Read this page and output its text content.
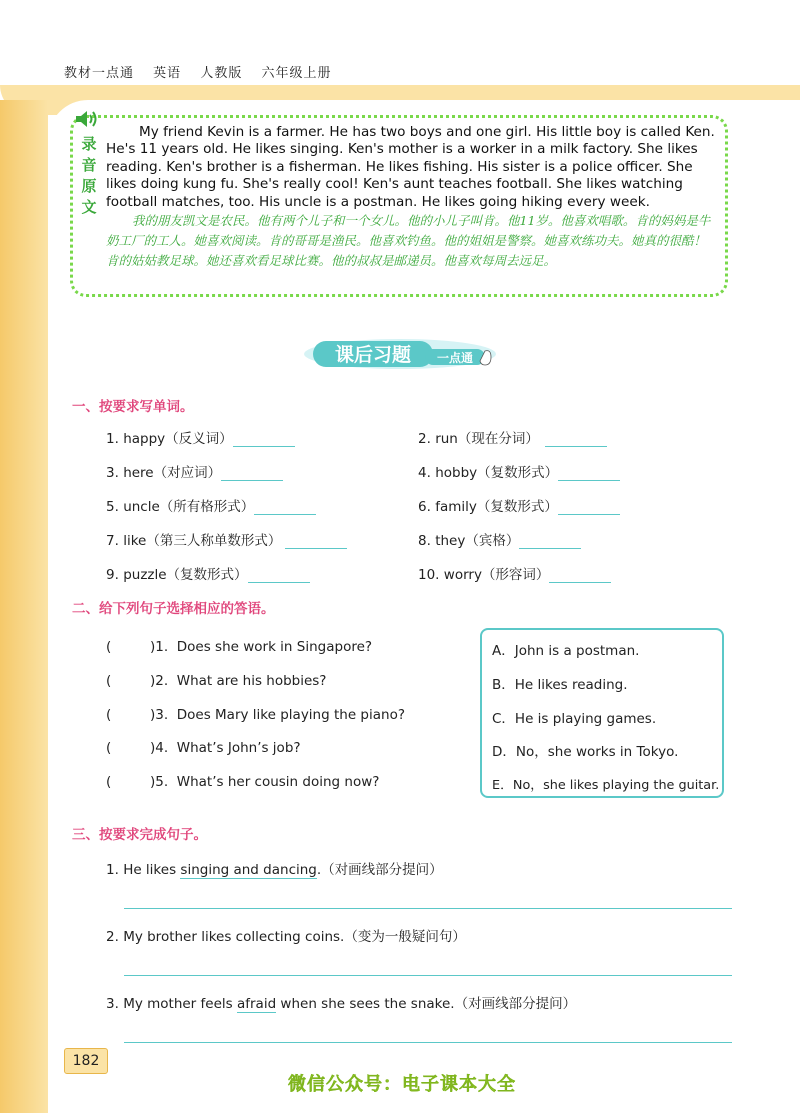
教材一点通 英语 人教版 六年级上册
录
音
原
文

My friend Kevin is a farmer. He has two boys and one girl. His little boy is called Ken. He's 11 years old. He likes singing. Ken's mother is a worker in a milk factory. She likes reading. Ken's brother is a fisherman. He likes fishing. His sister is a police officer. She likes doing kung fu. She's really cool! Ken's aunt teaches football. She likes watching football matches, too. His uncle is a postman. He likes going hiking every week.

我的朋友凯文是农民。他有两个儿子和一个女儿。他的小儿子叫肯。他11岁。他喜欢唱歌。肯的妈妈是牛奶工厂的工人。她喜欢阅读。肯的哥哥是渔民。他喜欢钓鱼。他的姐姐是警察。她喜欢练功夫。她真的很酷！肯的姑姑教足球。她还喜欢看足球比赛。他的叔叔是邮递员。他喜欢每周去远足。

课后习题 一点通
一、按要求写单词。
1. happy（反义词）	2. run（现在分词）
3. here（对应词）	4. hobby（复数形式）
5. uncle（所有格形式）	6. family（复数形式）
7. like（第三人称单数形式）	8. they（宾格）
9. puzzle（复数形式）	10. worry（形容词）
二、给下列句子选择相应的答语。
(	)1. Does she work in Singapore?
(	)2. What are his hobbies?
(	)3. Does Mary like playing the piano?
(	)4. What’s John’s job?
(	)5. What’s her cousin doing now?
A．John is a postman.
B．He likes reading.
C．He is playing games.
D．No，she works in Tokyo.
E．No，she likes playing the guitar.
三、按要求完成句子。
1. He likes singing and dancing.（对画线部分提问）
2. My brother likes collecting coins.（变为一般疑问句）
3. My mother feels afraid when she sees the snake.（对画线部分提问）
182
微信公众号：电子课本大全
